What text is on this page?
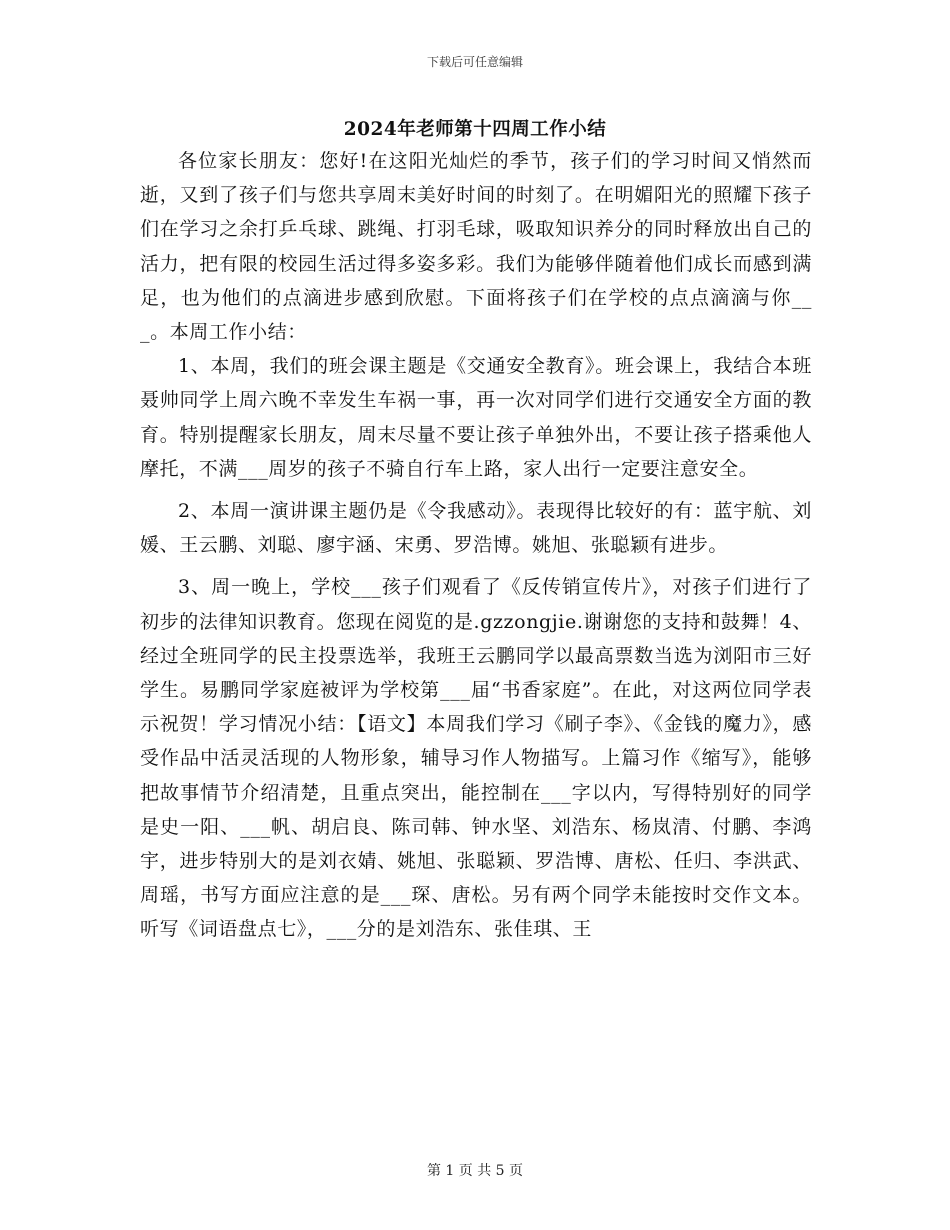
下载后可任意编辑
2024年老师第十四周工作小结

各位家长朋友：您好!在这阳光灿烂的季节，孩子们的学习时间又悄然而逝，又到了孩子们与您共享周末美好时间的时刻了。在明媚阳光的照耀下孩子们在学习之余打乒乓球、跳绳、打羽毛球，吸取知识养分的同时释放出自己的活力，把有限的校园生活过得多姿多彩。我们为能够伴随着他们成长而感到满足，也为他们的点滴进步感到欣慰。下面将孩子们在学校的点点滴滴与你___。本周工作小结：

1、本周，我们的班会课主题是《交通安全教育》。班会课上，我结合本班聂帅同学上周六晚不幸发生车祸一事，再一次对同学们进行交通安全方面的教育。特别提醒家长朋友，周末尽量不要让孩子单独外出，不要让孩子搭乘他人摩托，不满___周岁的孩子不骑自行车上路，家人出行一定要注意安全。

2、本周一演讲课主题仍是《令我感动》。表现得比较好的有：蓝宇航、刘媛、王云鹏、刘聪、廖宇涵、宋勇、罗浩博。姚旭、张聪颖有进步。

3、周一晚上，学校___孩子们观看了《反传销宣传片》，对孩子们进行了初步的法律知识教育。您现在阅览的是.gzzongjie.谢谢您的支持和鼓舞！4、经过全班同学的民主投票选举，我班王云鹏同学以最高票数当选为浏阳市三好学生。易鹏同学家庭被评为学校第___届“书香家庭”。在此，对这两位同学表示祝贺！学习情况小结：【语文】本周我们学习《刷子李》、《金钱的魔力》，感受作品中活灵活现的人物形象，辅导习作人物描写。上篇习作《缩写》，能够把故事情节介绍清楚，且重点突出，能控制在___字以内，写得特别好的同学是史一阳、___帆、胡启良、陈司韩、钟水坚、刘浩东、杨岚清、付鹏、李鸿宇，进步特别大的是刘衣婧、姚旭、张聪颖、罗浩博、唐松、任归、李洪武、周瑶，书写方面应注意的是___琛、唐松。另有两个同学未能按时交作文本。听写《词语盘点七》，___分的是刘浩东、张佳琪、王

第 1 页 共 5 页
